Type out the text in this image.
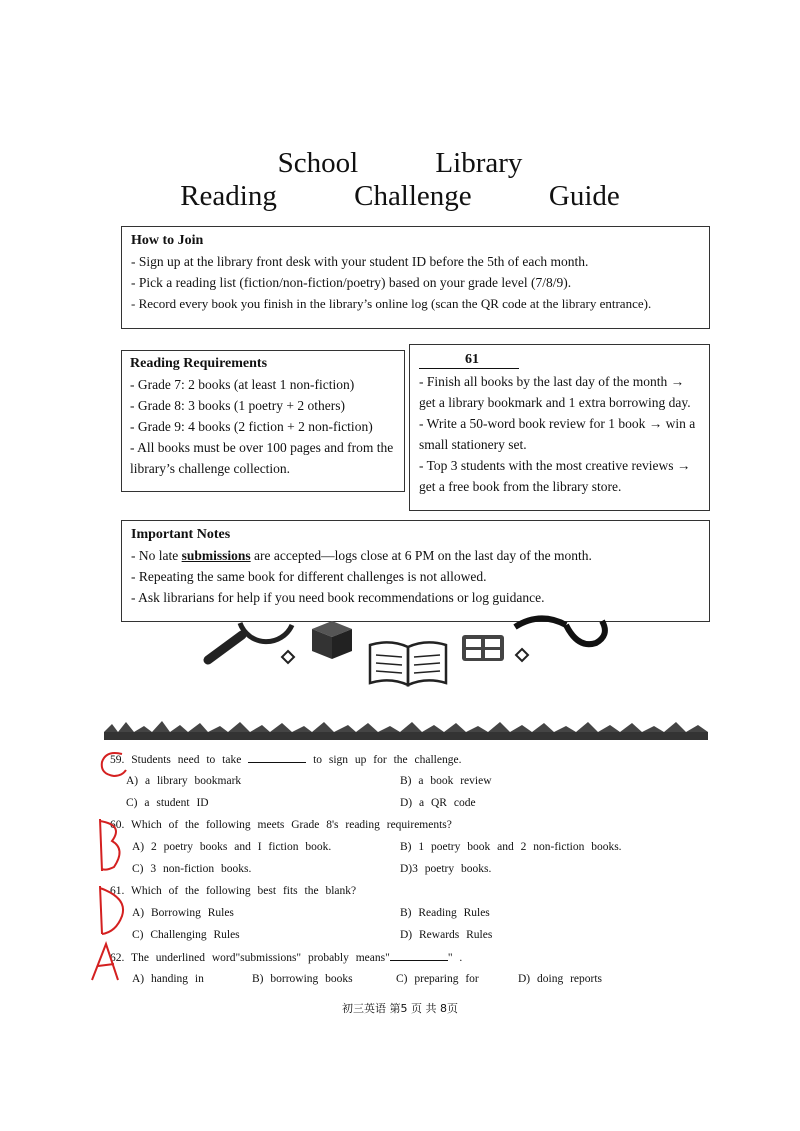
School Library
Reading Challenge Guide
How to Join
- Sign up at the library front desk with your student ID before the 5th of each month.
- Pick a reading list (fiction/non-fiction/poetry) based on your grade level (7/8/9).
- Record every book you finish in the library’s online log (scan the QR code at the library entrance).
Reading Requirements
- Grade 7: 2 books (at least 1 non-fiction)
- Grade 8: 3 books (1 poetry + 2 others)
- Grade 9: 4 books (2 fiction + 2 non-fiction)
- All books must be over 100 pages and from the library’s challenge collection.
61
- Finish all books by the last day of the month → get a library bookmark and 1 extra borrowing day.
- Write a 50-word book review for 1 book → win a small stationery set.
- Top 3 students with the most creative reviews → get a free book from the library store.
Important Notes
- No late submissions are accepted—logs close at 6 PM on the last day of the month.
- Repeating the same book for different challenges is not allowed.
- Ask librarians for help if you need book recommendations or log guidance.
59. Students need to take	to sign up for the challenge.
A) a library bookmark	B) a book review
C) a student ID	D) a QR code
60. Which of the following meets Grade 8's reading requirements?
A) 2 poetry books and I fiction book.	B) 1 poetry book and 2 non-fiction books.
C) 3 non-fiction books.	D)3 poetry books.
61. Which of the following best fits the blank?
A) Borrowing Rules	B) Reading Rules
C) Challenging Rules	D) Rewards Rules
62. The underlined word"submissions" probably means"	" .
A) handing in	B) borrowing books	C) preparing for	D) doing reports
初三英语 第5 页 共 8页
